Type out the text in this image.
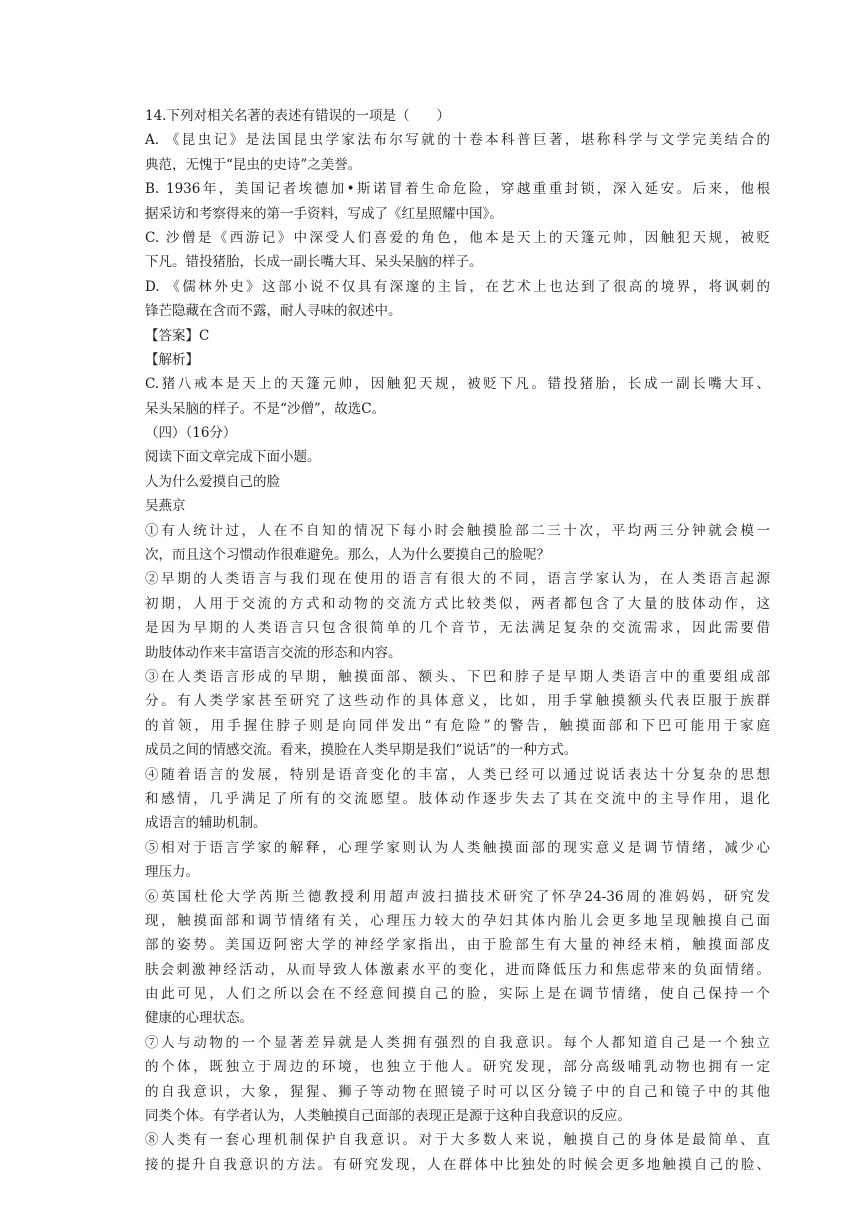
14.下列对相关名著的表述有错误的一项是（　　）
A. 《昆虫记》是法国昆虫学家法布尔写就的十卷本科普巨著，堪称科学与文学完美结合的
典范，无愧于“昆虫的史诗”之美誉。
B. 1936年，美国记者埃德加•斯诺冒着生命危险，穿越重重封锁，深入延安。后来，他根
据采访和考察得来的第一手资料，写成了《红星照耀中国》。
C. 沙僧是《西游记》中深受人们喜爱的角色，他本是天上的天篷元帅，因触犯天规，被贬
下凡。错投猪胎，长成一副长嘴大耳、呆头呆脑的样子。
D. 《儒林外史》这部小说不仅具有深邃的主旨，在艺术上也达到了很高的境界，将讽刺的
锋芒隐藏在含而不露，耐人寻味的叙述中。
【答案】C
【解析】
C.猪八戒本是天上的天篷元帅，因触犯天规，被贬下凡。错投猪胎，长成一副长嘴大耳、
呆头呆脑的样子。不是“沙僧”，故选C。
（四）（16分）
阅读下面文章完成下面小题。
人为什么爱摸自己的脸
吴燕京
①有人统计过，人在不自知的情况下每小时会触摸脸部二三十次，平均两三分钟就会模一
次，而且这个习惯动作很难避免。那么，人为什么要摸自己的脸呢？
②早期的人类语言与我们现在使用的语言有很大的不同，语言学家认为，在人类语言起源
初期，人用于交流的方式和动物的交流方式比较类似，两者都包含了大量的肢体动作，这
是因为早期的人类语言只包含很简单的几个音节，无法满足复杂的交流需求，因此需要借
助肢体动作来丰富语言交流的形态和内容。
③在人类语言形成的早期，触摸面部、额头、下巴和脖子是早期人类语言中的重要组成部
分。有人类学家甚至研究了这些动作的具体意义，比如，用手掌触摸额头代表臣服于族群
的首领，用手握住脖子则是向同伴发出“有危险”的警告，触摸面部和下巴可能用于家庭
成员之间的情感交流。看来，摸脸在人类早期是我们“说话”的一种方式。
④随着语言的发展，特别是语音变化的丰富，人类已经可以通过说话表达十分复杂的思想
和感情，几乎满足了所有的交流愿望。肢体动作逐步失去了其在交流中的主导作用，退化
成语言的辅助机制。
⑤相对于语言学家的解释，心理学家则认为人类触摸面部的现实意义是调节情绪，减少心
理压力。
⑥英国杜伦大学芮斯兰德教授利用超声波扫描技术研究了怀孕24-36周的准妈妈，研究发
现，触摸面部和调节情绪有关，心理压力较大的孕妇其体内胎儿会更多地呈现触摸自己面
部的姿势。美国迈阿密大学的神经学家指出，由于脸部生有大量的神经末梢，触摸面部皮
肤会刺激神经活动，从而导致人体激素水平的变化，进而降低压力和焦虑带来的负面情绪。
由此可见，人们之所以会在不经意间摸自己的脸，实际上是在调节情绪，使自己保持一个
健康的心理状态。
⑦人与动物的一个显著差异就是人类拥有强烈的自我意识。每个人都知道自己是一个独立
的个体，既独立于周边的环境，也独立于他人。研究发现，部分高级哺乳动物也拥有一定
的自我意识，大象，猩猩、狮子等动物在照镜子时可以区分镜子中的自己和镜子中的其他
同类个体。有学者认为，人类触摸自己面部的表现正是源于这种自我意识的反应。
⑧人类有一套心理机制保护自我意识。对于大多数人来说，触摸自己的身体是最简单、直
接的提升自我意识的方法。有研究发现，人在群体中比独处的时候会更多地触摸自己的脸、
